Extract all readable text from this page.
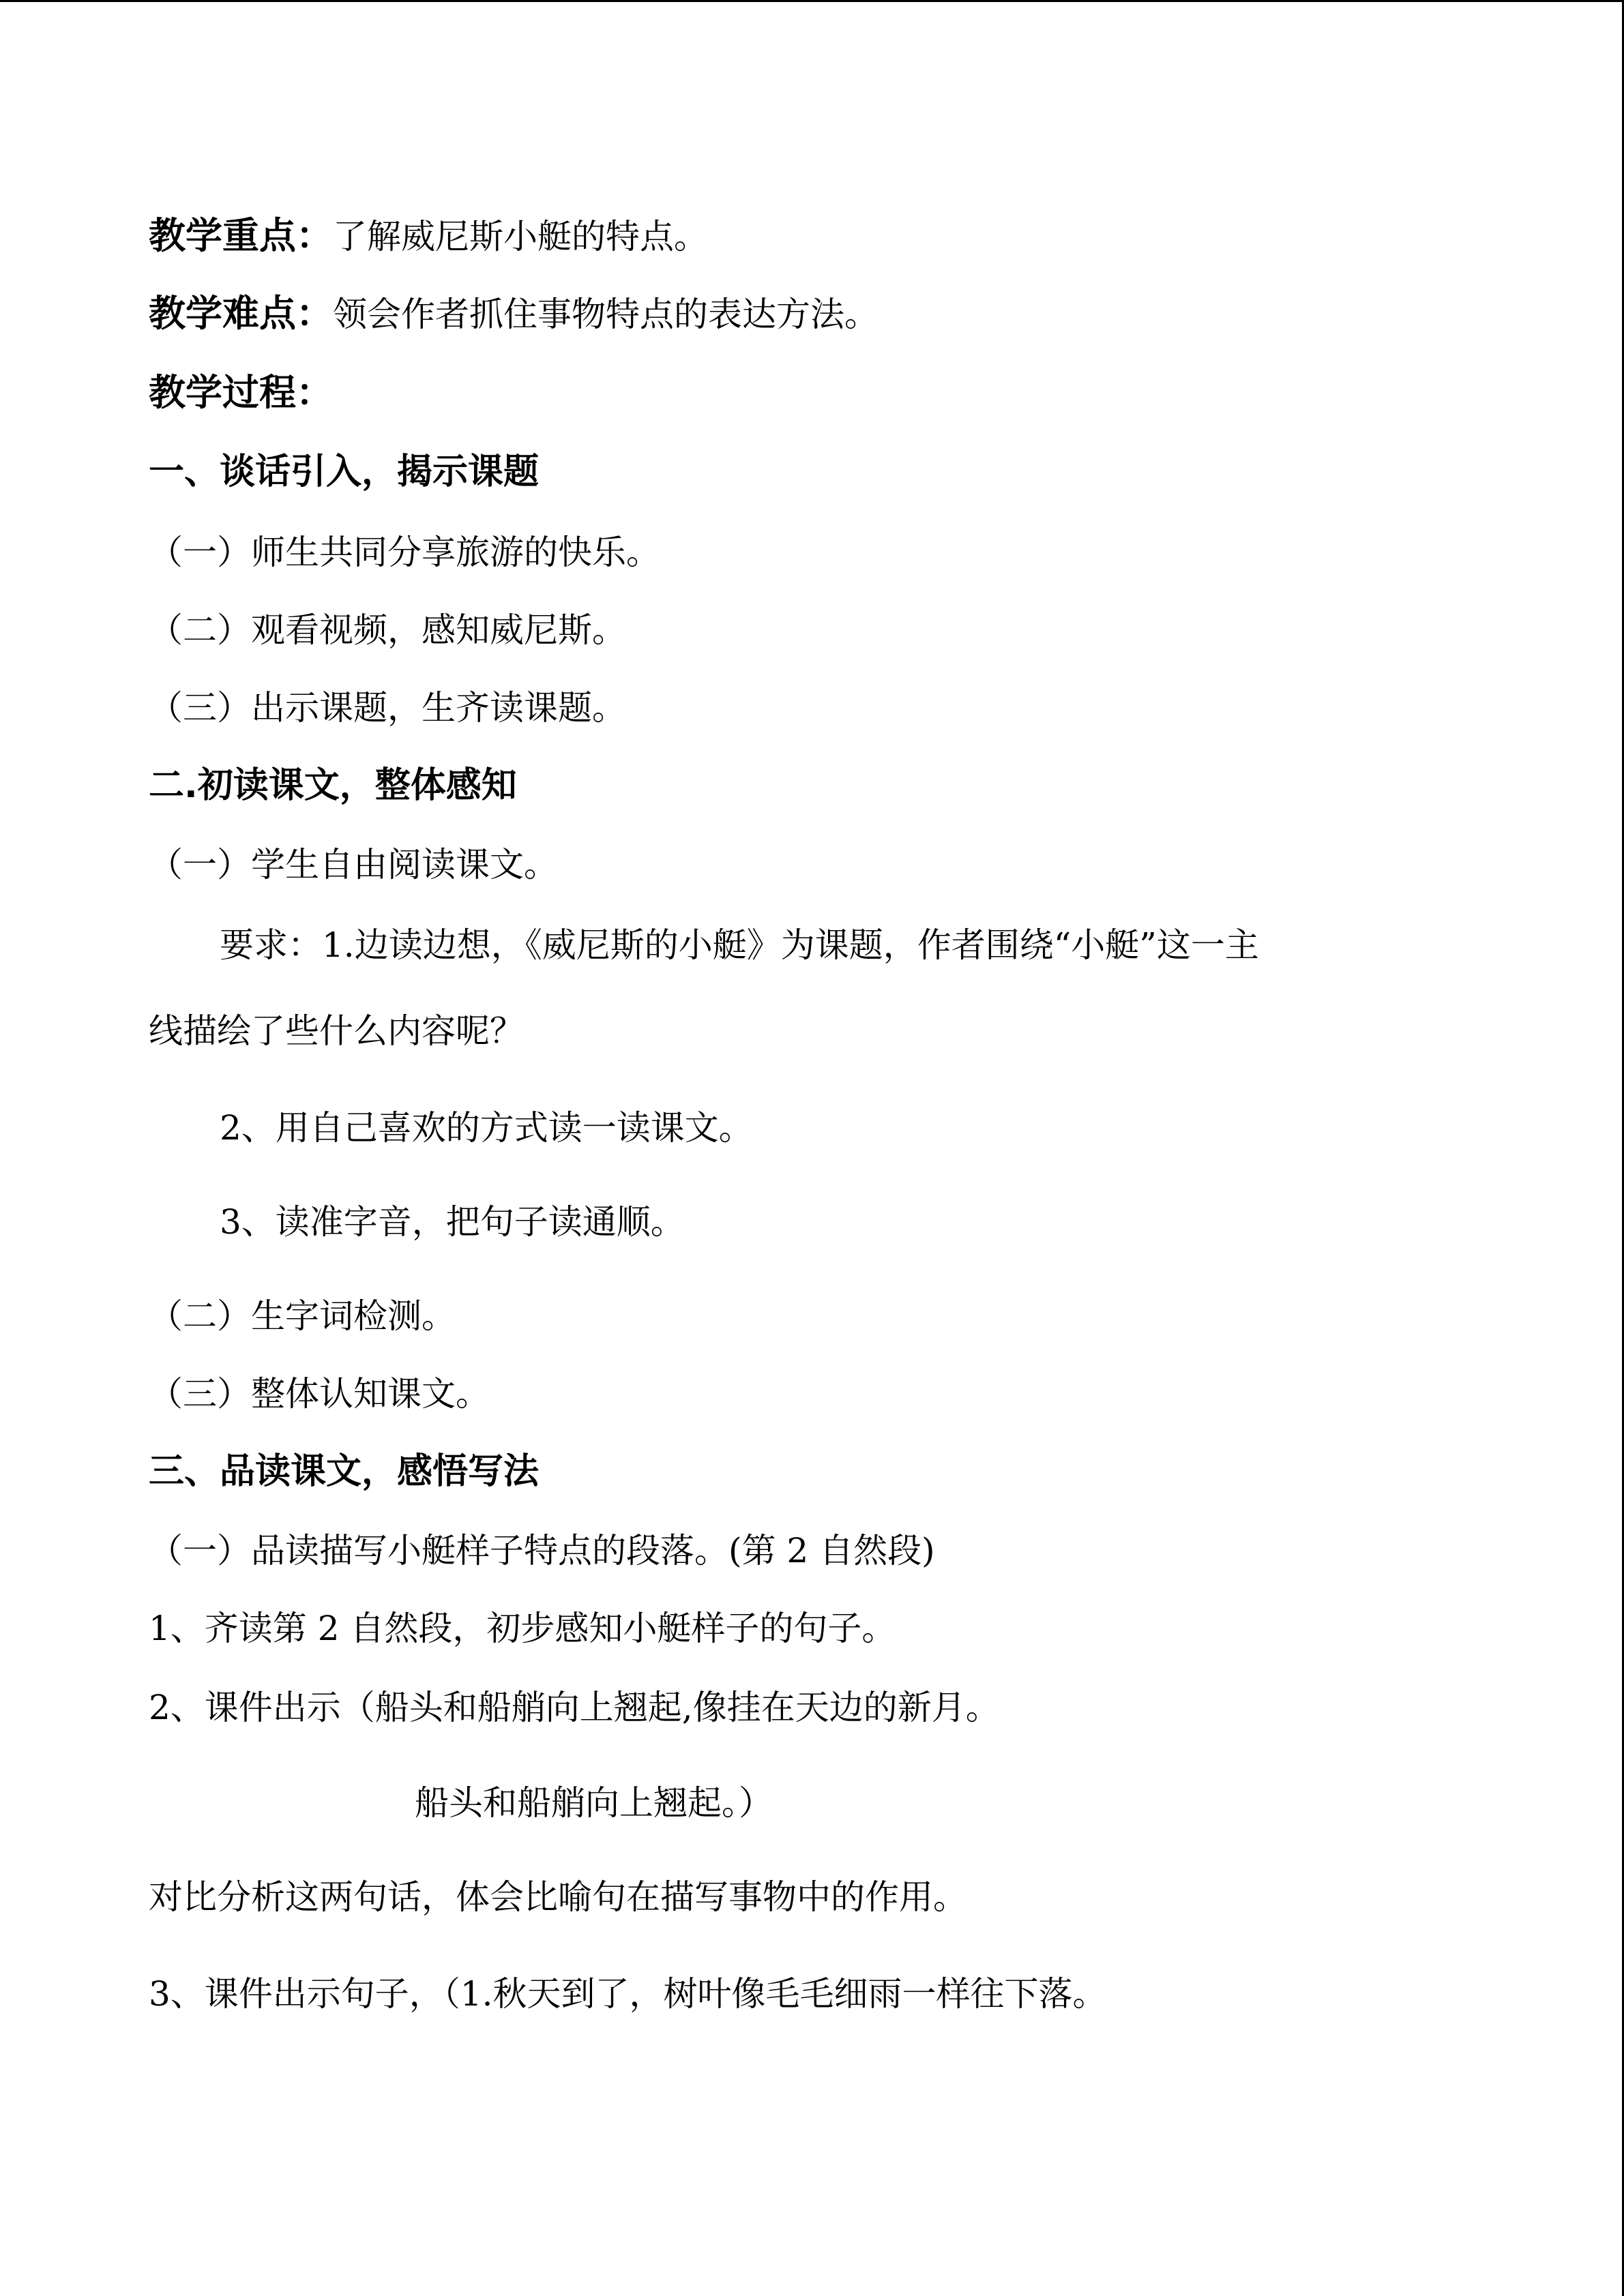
教学重点：了解威尼斯小艇的特点。
教学难点：领会作者抓住事物特点的表达方法。
教学过程：
一、谈话引入，揭示课题
（一）师生共同分享旅游的快乐。
（二）观看视频，感知威尼斯。
（三）出示课题，生齐读课题。
二.初读课文，整体感知
（一）学生自由阅读课文。
要求：1.边读边想，《威尼斯的小艇》为课题，作者围绕“小艇”这一主
线描绘了些什么内容呢？
2、用自己喜欢的方式读一读课文。
3、读准字音，把句子读通顺。
（二）生字词检测。
（三）整体认知课文。
三、品读课文，感悟写法
（一）品读描写小艇样子特点的段落。(第 2 自然段)
1、齐读第 2 自然段，初步感知小艇样子的句子。
2、课件出示（船头和船艄向上翘起,像挂在天边的新月。
船头和船艄向上翘起。）
对比分析这两句话，体会比喻句在描写事物中的作用。
3、课件出示句子，（1.秋天到了，树叶像毛毛细雨一样往下落。
